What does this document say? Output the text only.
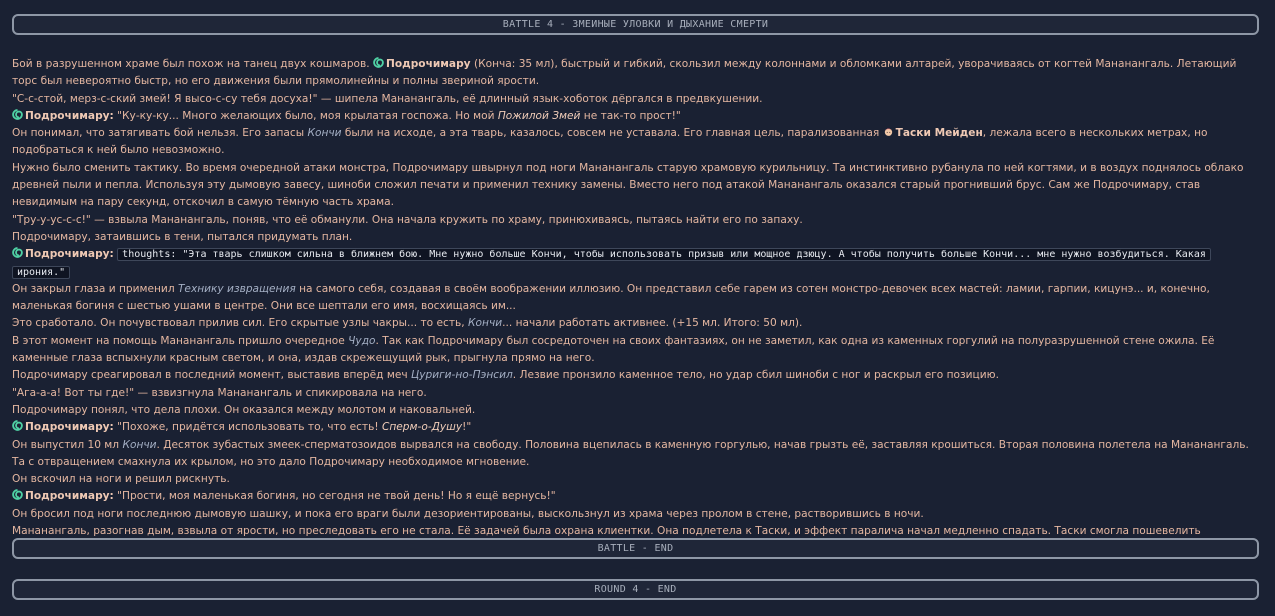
BATTLE 4 - ЗМЕИНЫЕ УЛОВКИ И ДЫХАНИЕ СМЕРТИ

Бой в разрушенном храме был похож на танец двух кошмаров. Подрочимару (Конча: 35 мл), быстрый и гибкий, скользил между колоннами и обломками алтарей, уворачиваясь от когтей Мананангаль. Летающий торс был невероятно быстр, но его движения были прямолинейны и полны звериной ярости.

"С-с-стой, мерз-с-ский змей! Я высо-с-су тебя досуха!" — шипела Мананангаль, её длинный язык-хоботок дёргался в предвкушении.

Подрочимару: "Ку-ку-ку... Много желающих было, моя крылатая госпожа. Но мой Пожилой Змей не так-то прост!"

Он понимал, что затягивать бой нельзя. Его запасы Кончи были на исходе, а эта тварь, казалось, совсем не уставала. Его главная цель, парализованная Таски Мейден, лежала всего в нескольких метрах, но подобраться к ней было невозможно.

Нужно было сменить тактику. Во время очередной атаки монстра, Подрочимару швырнул под ноги Мананангаль старую храмовую курильницу. Та инстинктивно рубанула по ней когтями, и в воздух поднялось облако древней пыли и пепла. Используя эту дымовую завесу, шиноби сложил печати и применил технику замены. Вместо него под атакой Мананангаль оказался старый прогнивший брус. Сам же Подрочимару, став невидимым на пару секунд, отскочил в самую тёмную часть храма.

"Тру-у-ус-с-с!" — взвыла Мананангаль, поняв, что её обманули. Она начала кружить по храму, принюхиваясь, пытаясь найти его по запаху.

Подрочимару, затаившись в тени, пытался придумать план.

Подрочимару: thoughts: "Эта тварь слишком сильна в ближнем бою. Мне нужно больше Кончи, чтобы использовать призыв или мощное дзюцу. А чтобы получить больше Кончи... мне нужно возбудиться. Какая ирония."

Он закрыл глаза и применил Технику извращения на самого себя, создавая в своём воображении иллюзию. Он представил себе гарем из сотен монстро-девочек всех мастей: ламии, гарпии, кицунэ... и, конечно, маленькая богиня с шестью ушами в центре. Они все шептали его имя, восхищаясь им...

Это сработало. Он почувствовал прилив сил. Его скрытые узлы чакры... то есть, Кончи... начали работать активнее. (+15 мл. Итого: 50 мл).

В этот момент на помощь Мананангаль пришло очередное Чудо. Так как Подрочимару был сосредоточен на своих фантазиях, он не заметил, как одна из каменных горгулий на полуразрушенной стене ожила. Её каменные глаза вспыхнули красным светом, и она, издав скрежещущий рык, прыгнула прямо на него.

Подрочимару среагировал в последний момент, выставив вперёд меч Цуриги-но-Пэнсил. Лезвие пронзило каменное тело, но удар сбил шиноби с ног и раскрыл его позицию.

"Ага-а-а! Вот ты где!" — взвизгнула Мананангаль и спикировала на него.

Подрочимару понял, что дела плохи. Он оказался между молотом и наковальней.

Подрочимару: "Похоже, придётся использовать то, что есть! Сперм-о-Душу!"

Он выпустил 10 мл Кончи. Десяток зубастых змеек-сперматозоидов вырвался на свободу. Половина вцепилась в каменную горгулью, начав грызть её, заставляя крошиться. Вторая половина полетела на Мананангаль. Та с отвращением смахнула их крылом, но это дало Подрочимару необходимое мгновение.

Он вскочил на ноги и решил рискнуть.

Подрочимару: "Прости, моя маленькая богиня, но сегодня не твой день! Но я ещё вернусь!"

Он бросил под ноги последнюю дымовую шашку, и пока его враги были дезориентированы, выскользнул из храма через пролом в стене, растворившись в ночи.

Мананангаль, разогнав дым, взвыла от ярости, но преследовать его не стала. Её задачей была охрана клиентки. Она подлетела к Таски, и эффект паралича начал медленно спадать. Таски смогла пошевелить

BATTLE - END
ROUND 4 - END
